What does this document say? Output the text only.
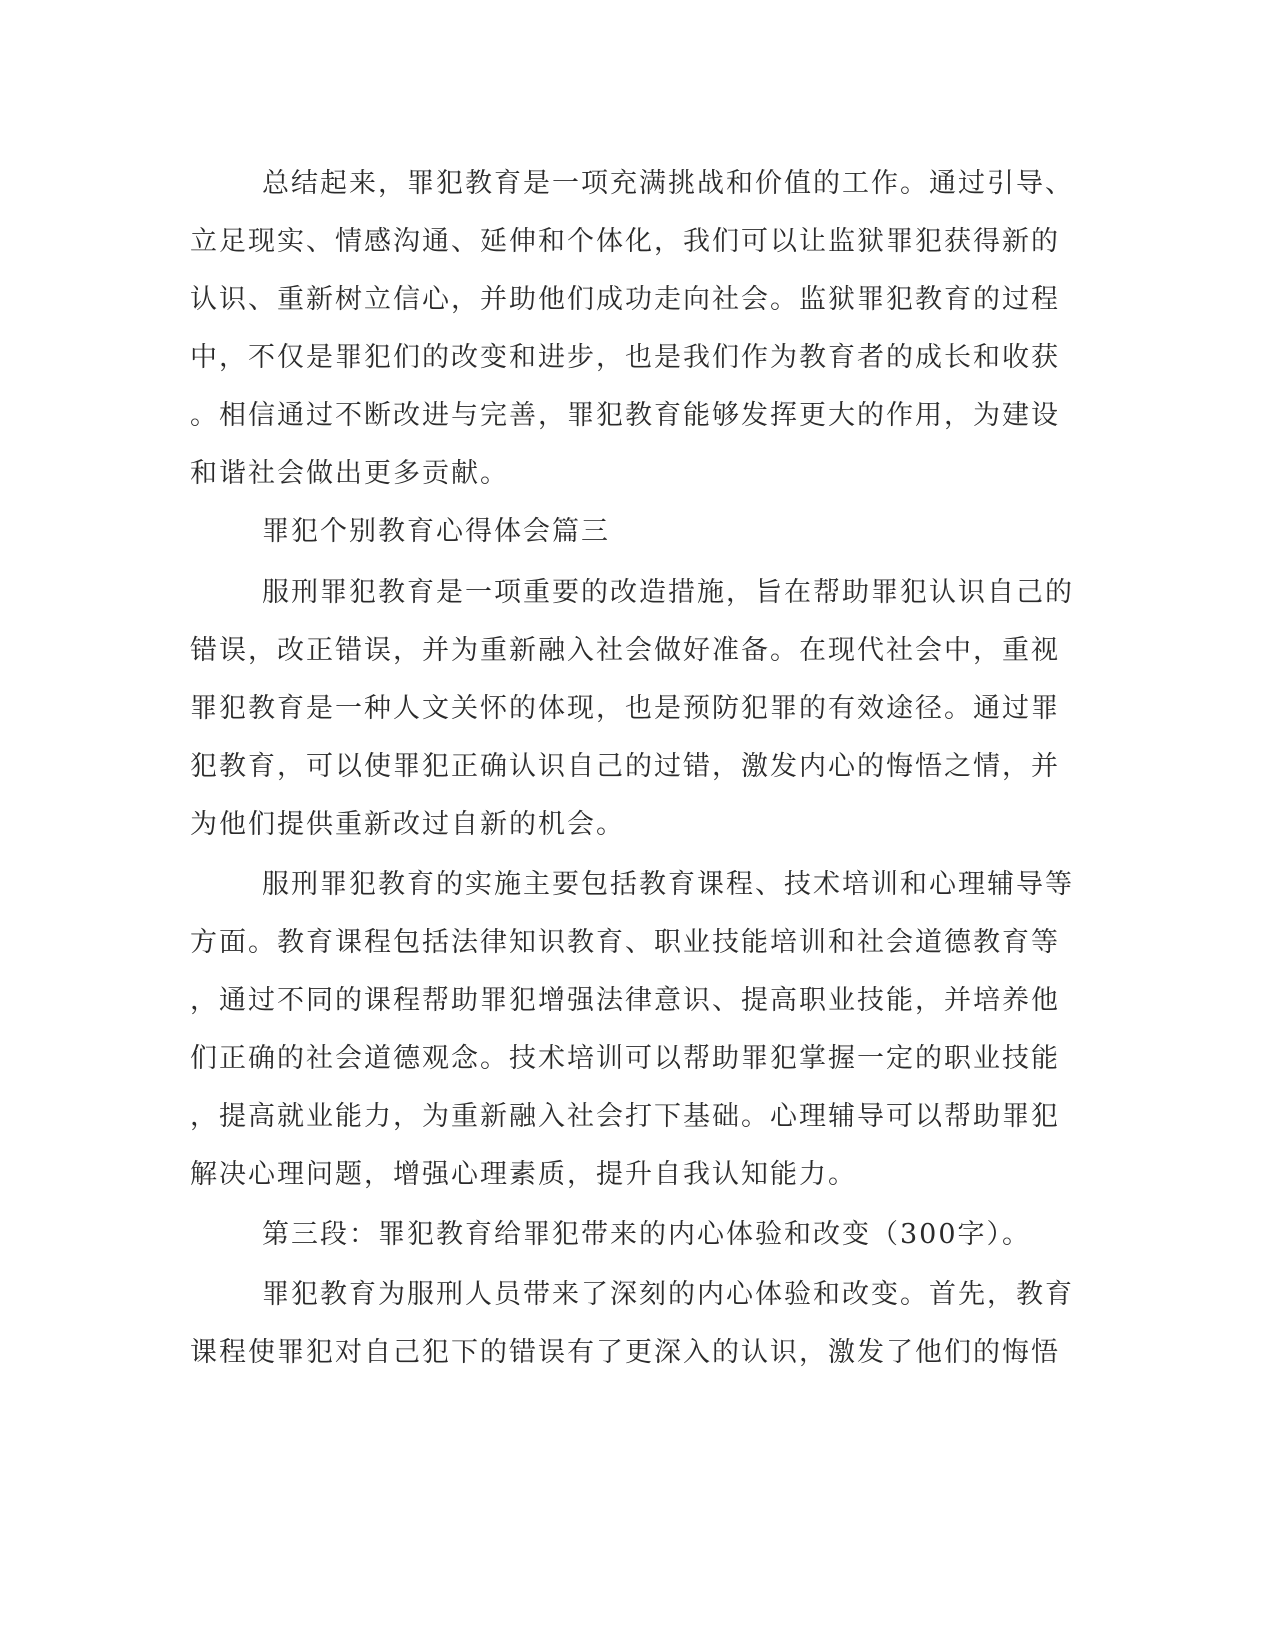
总结起来，罪犯教育是一项充满挑战和价值的工作。通过引导、
立足现实、情感沟通、延伸和个体化，我们可以让监狱罪犯获得新的
认识、重新树立信心，并助他们成功走向社会。监狱罪犯教育的过程
中，不仅是罪犯们的改变和进步，也是我们作为教育者的成长和收获
。相信通过不断改进与完善，罪犯教育能够发挥更大的作用，为建设
和谐社会做出更多贡献。
罪犯个别教育心得体会篇三
服刑罪犯教育是一项重要的改造措施，旨在帮助罪犯认识自己的
错误，改正错误，并为重新融入社会做好准备。在现代社会中，重视
罪犯教育是一种人文关怀的体现，也是预防犯罪的有效途径。通过罪
犯教育，可以使罪犯正确认识自己的过错，激发内心的悔悟之情，并
为他们提供重新改过自新的机会。
服刑罪犯教育的实施主要包括教育课程、技术培训和心理辅导等
方面。教育课程包括法律知识教育、职业技能培训和社会道德教育等
，通过不同的课程帮助罪犯增强法律意识、提高职业技能，并培养他
们正确的社会道德观念。技术培训可以帮助罪犯掌握一定的职业技能
，提高就业能力，为重新融入社会打下基础。心理辅导可以帮助罪犯
解决心理问题，增强心理素质，提升自我认知能力。
第三段：罪犯教育给罪犯带来的内心体验和改变（300字）。
罪犯教育为服刑人员带来了深刻的内心体验和改变。首先，教育
课程使罪犯对自己犯下的错误有了更深入的认识，激发了他们的悔悟
